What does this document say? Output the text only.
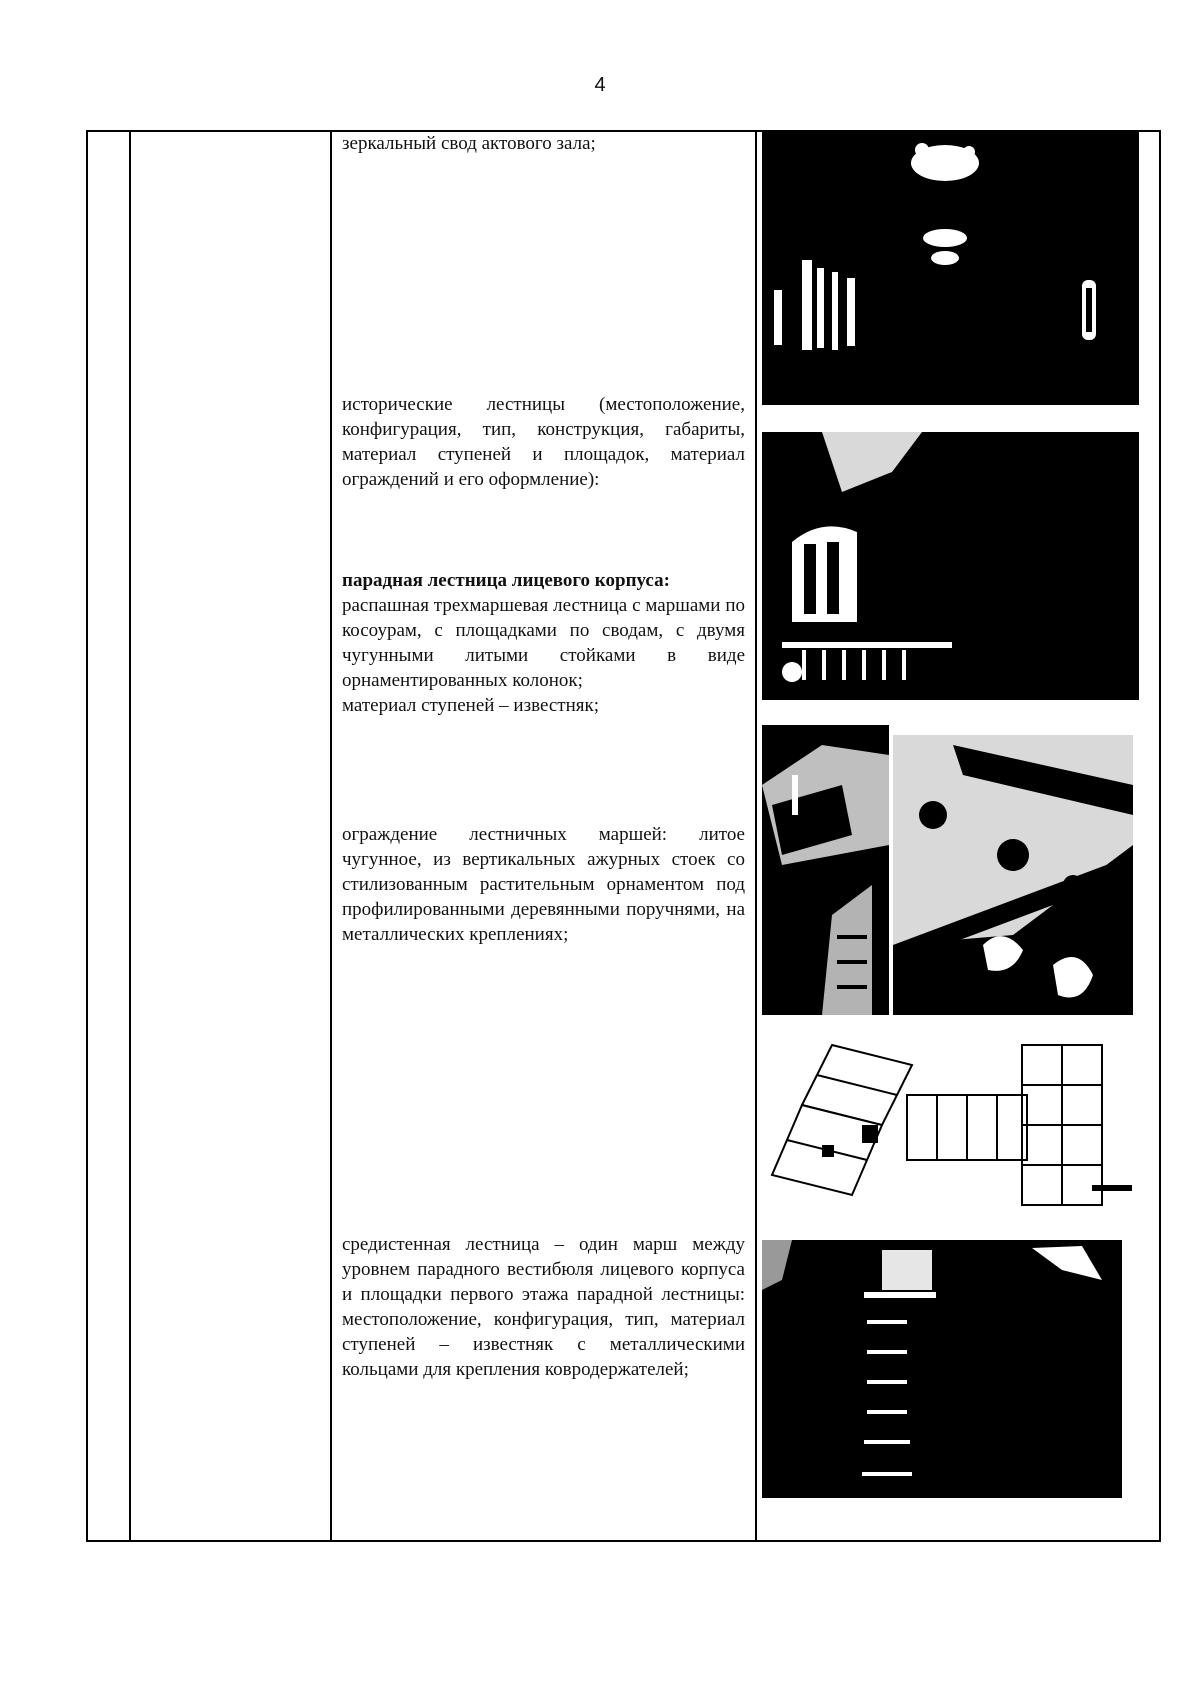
4

зеркальный свод актового зала;

исторические лестницы (местоположение, конфигурация, тип, конструкция, габариты, материал ступеней и площадок, материал ограждений и его оформление):

парадная лестница лицевого корпуса:

распашная трехмаршевая лестница с маршами по косоурам, с площадками по сводам, с двумя чугунными литыми стойками в виде орнаментированных колонок;

материал ступеней – известняк;

ограждение лестничных маршей: литое чугунное, из вертикальных ажурных стоек со стилизованным растительным орнаментом под профилированными деревянными поручнями, на металлических креплениях;

средистенная лестница – один марш между уровнем парадного вестибюля лицевого корпуса и площадки первого этажа парадной лестницы: местоположение, конфигурация, тип, материал ступеней – известняк с металлическими кольцами для крепления ковродержателей;
